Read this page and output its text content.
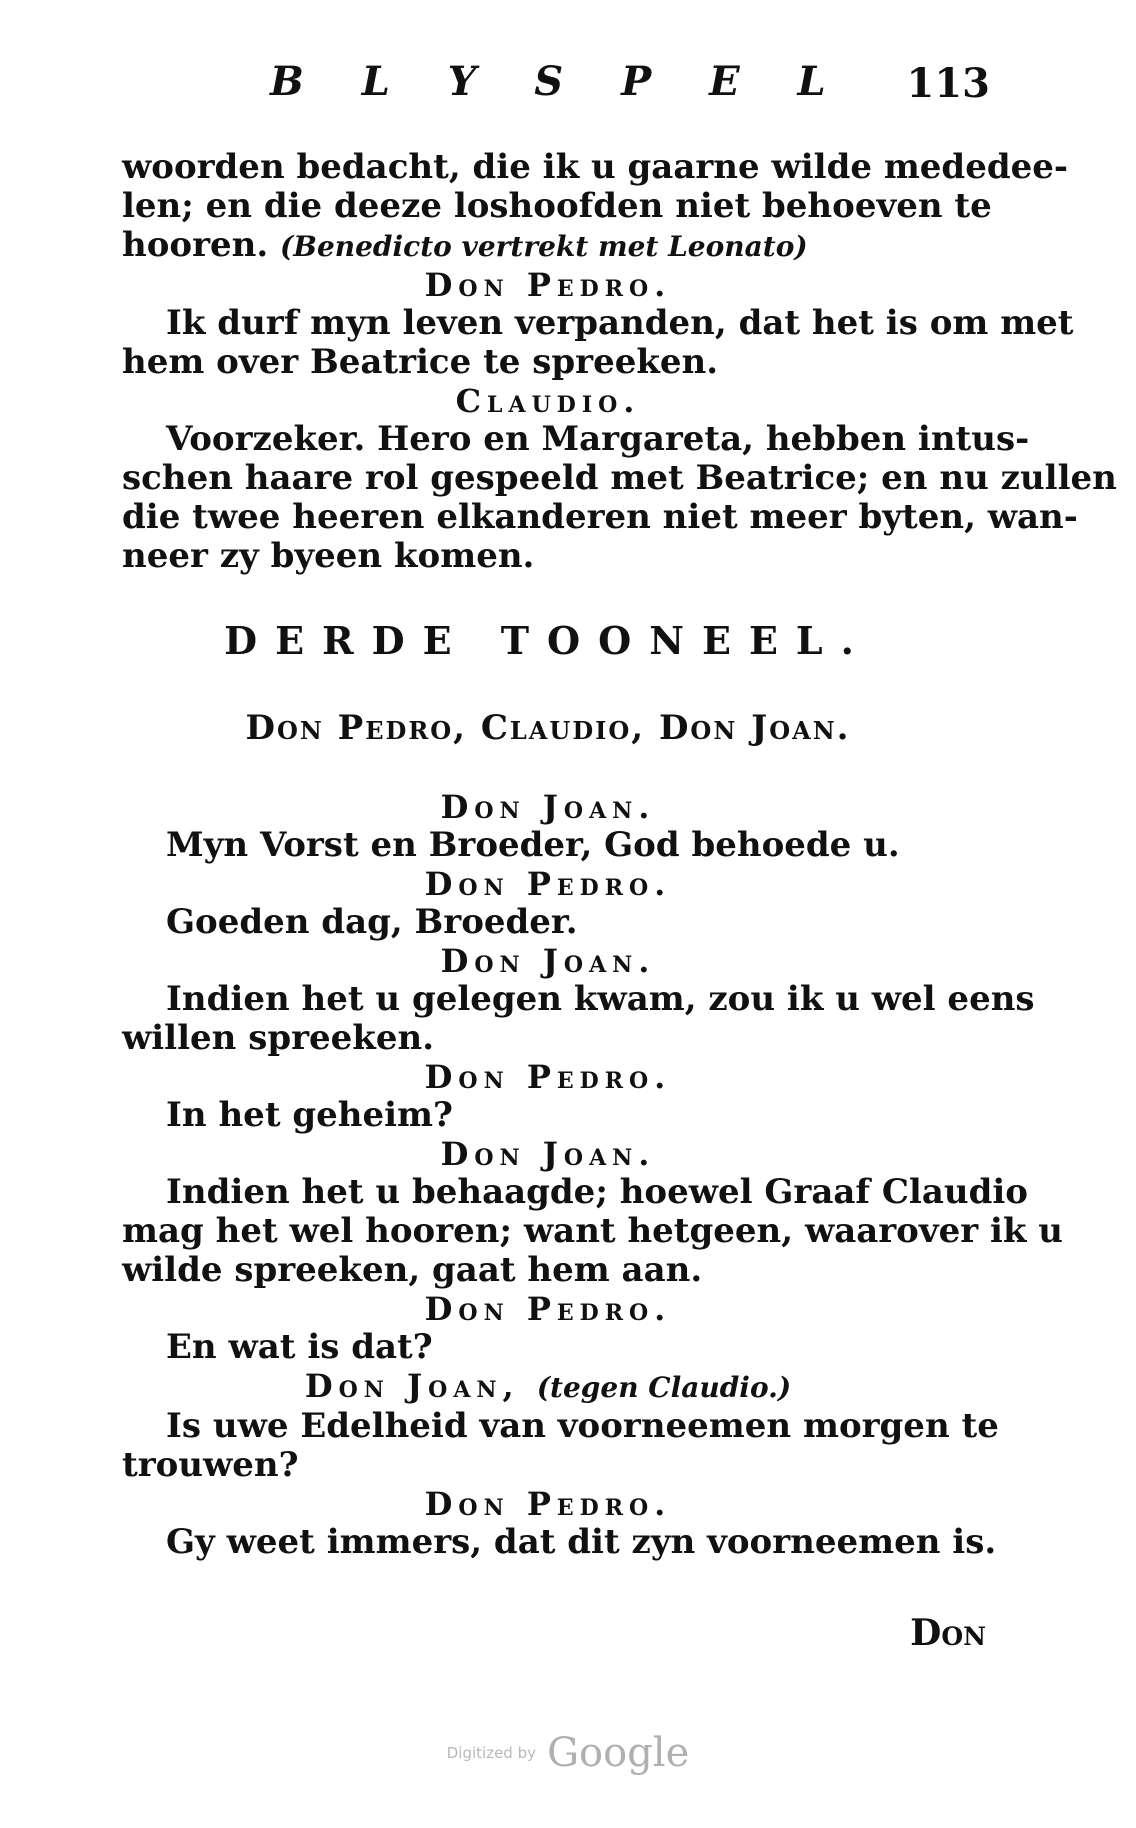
B L Y S P E L 113
woorden bedacht, die ik u gaarne wilde mededee-
len; en die deeze loshoofden niet behoeven te
hooren. (Benedicto vertrekt met Leonato)
Don Pedro.
Ik durf myn leven verpanden, dat het is om met
hem over Beatrice te spreeken.
Claudio.
Voorzeker. Hero en Margareta, hebben intus-
schen haare rol gespeeld met Beatrice; en nu zullen
die twee heeren elkanderen niet meer byten, wan-
neer zy byeen komen.
DERDE TOONEEL.
Don Pedro, Claudio, Don Joan.
Don Joan.
Myn Vorst en Broeder, God behoede u.
Don Pedro.
Goeden dag, Broeder.
Don Joan.
Indien het u gelegen kwam, zou ik u wel eens
willen spreeken.
Don Pedro.
In het geheim?
Don Joan.
Indien het u behaagde; hoewel Graaf Claudio
mag het wel hooren; want hetgeen, waarover ik u
wilde spreeken, gaat hem aan.
Don Pedro.
En wat is dat?
Don Joan, (tegen Claudio.)
Is uwe Edelheid van voorneemen morgen te
trouwen?
Don Pedro.
Gy weet immers, dat dit zyn voorneemen is.
Don
Digitized by Google
